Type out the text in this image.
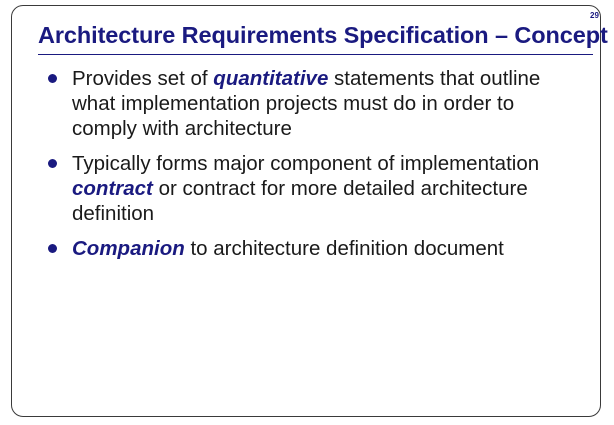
Architecture Requirements Specification – Concept
Provides set of quantitative statements that outline what implementation projects must do in order to comply with architecture
Typically forms major component of implementation contract or contract for more detailed architecture definition
Companion to architecture definition document
29
